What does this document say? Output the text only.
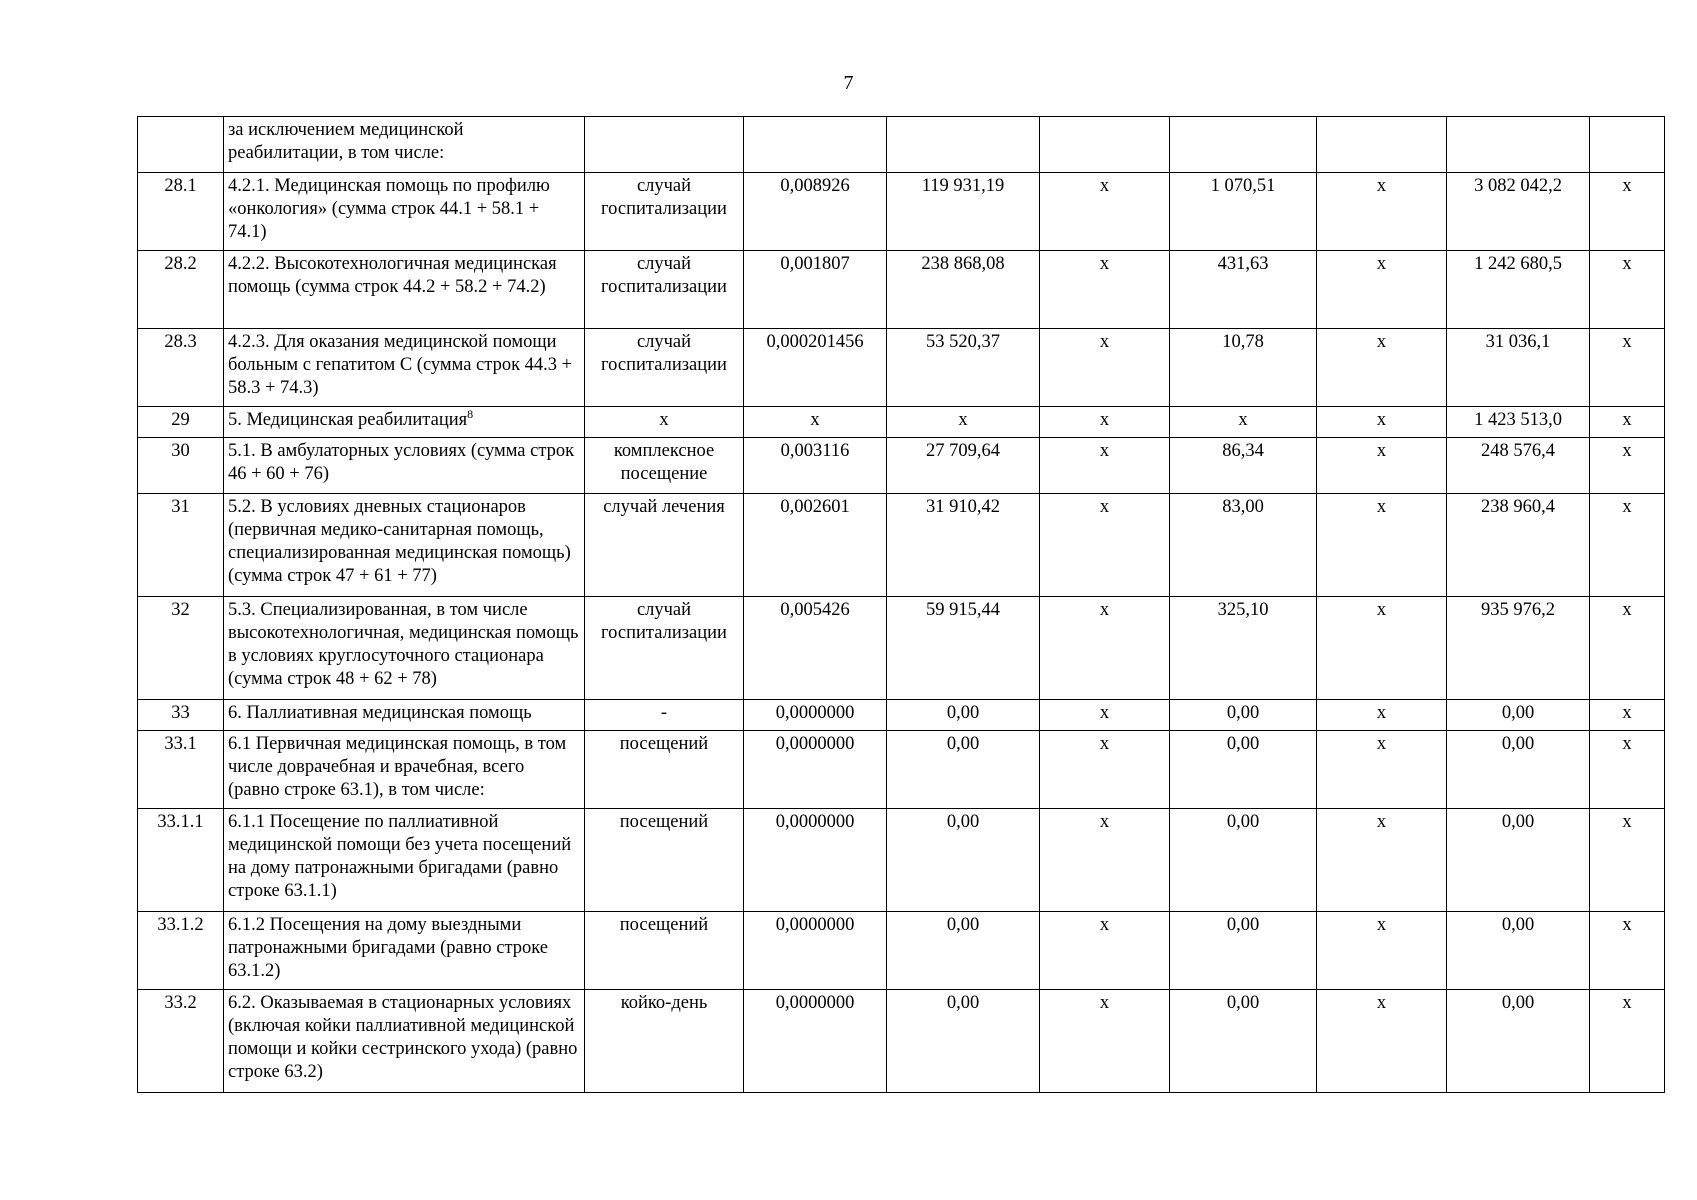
7
	за исключением медицинской реабилитации, в том числе:								
28.1	4.2.1. Медицинская помощь по профилю «онкология» (сумма строк 44.1 + 58.1 + 74.1)	случай госпитализации	0,008926	119 931,19	x	1 070,51	x	3 082 042,2	x
28.2	4.2.2. Высокотехнологичная медицинская помощь (сумма строк 44.2 + 58.2 + 74.2)	случай госпитализации	0,001807	238 868,08	x	431,63	x	1 242 680,5	x
28.3	4.2.3. Для оказания медицинской помощи больным с гепатитом С (сумма строк 44.3 + 58.3 + 74.3)	случай госпитализации	0,000201456	53 520,37	x	10,78	x	31 036,1	x
29	5. Медицинская реабилитация$^8$	x	x	x	x	x	x	1 423 513,0	x
30	5.1. В амбулаторных условиях (сумма строк 46 + 60 + 76)	комплексное посещение	0,003116	27 709,64	x	86,34	x	248 576,4	x
31	5.2. В условиях дневных стационаров (первичная медико-санитарная помощь, специализированная медицинская помощь) (сумма строк 47 + 61 + 77)	случай лечения	0,002601	31 910,42	x	83,00	x	238 960,4	x
32	5.3. Специализированная, в том числе высокотехнологичная, медицинская помощь в условиях круглосуточного стационара (сумма строк 48 + 62 + 78)	случай госпитализации	0,005426	59 915,44	x	325,10	x	935 976,2	x
33	6. Паллиативная медицинская помощь	-	0,0000000	0,00	x	0,00	x	0,00	x
33.1	6.1 Первичная медицинская помощь, в том числе доврачебная и врачебная, всего (равно строке 63.1), в том числе:	посещений	0,0000000	0,00	x	0,00	x	0,00	x
33.1.1	6.1.1 Посещение по паллиативной медицинской помощи без учета посещений на дому патронажными бригадами (равно строке 63.1.1)	посещений	0,0000000	0,00	x	0,00	x	0,00	x
33.1.2	6.1.2 Посещения на дому выездными патронажными бригадами (равно строке 63.1.2)	посещений	0,0000000	0,00	x	0,00	x	0,00	x
33.2	6.2. Оказываемая в стационарных условиях (включая койки паллиативной медицинской помощи и койки сестринского ухода) (равно строке 63.2)	койко-день	0,0000000	0,00	x	0,00	x	0,00	x
